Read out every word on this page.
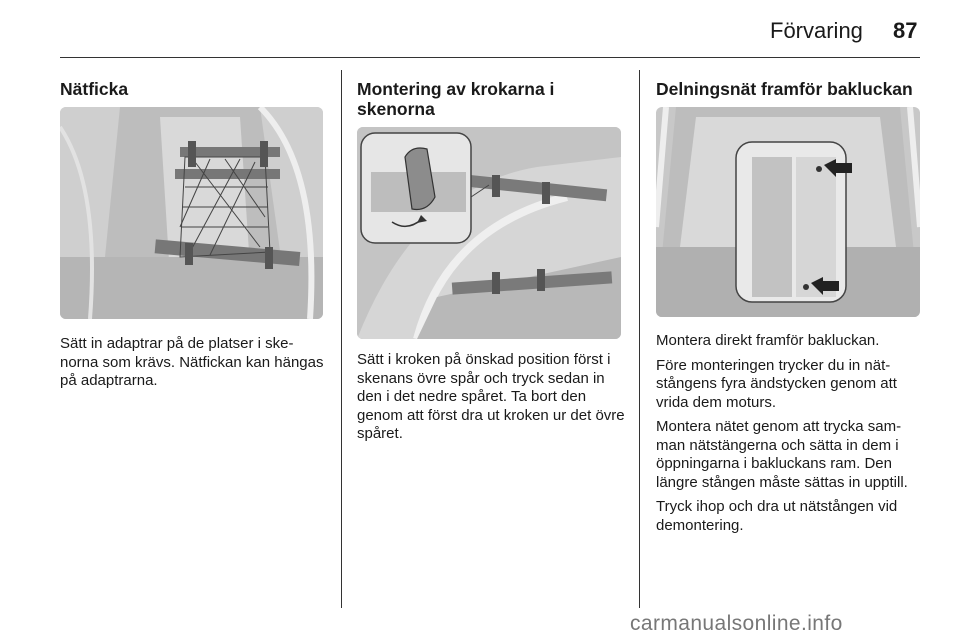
Förvaring 87
Nätficka

Sätt in adaptrar på de platser i ske-norna som krävs. Nätfickan kan hängas på adaptrarna.

Montering av krokarna i skenorna

Sätt i kroken på önskad position först i skenans övre spår och tryck sedan in den i det nedre spåret. Ta bort den genom att först dra ut kroken ur det övre spåret.

Delningsnät framför bakluckan

Montera direkt framför bakluckan.

Före monteringen trycker du in nät-stångens fyra ändstycken genom att vrida dem moturs.

Montera nätet genom att trycka sam-man nätstängerna och sätta in dem i öppningarna i bakluckans ram. Den längre stången måste sättas in upptill.

Tryck ihop och dra ut nätstången vid demontering.

carmanualsonline.info
